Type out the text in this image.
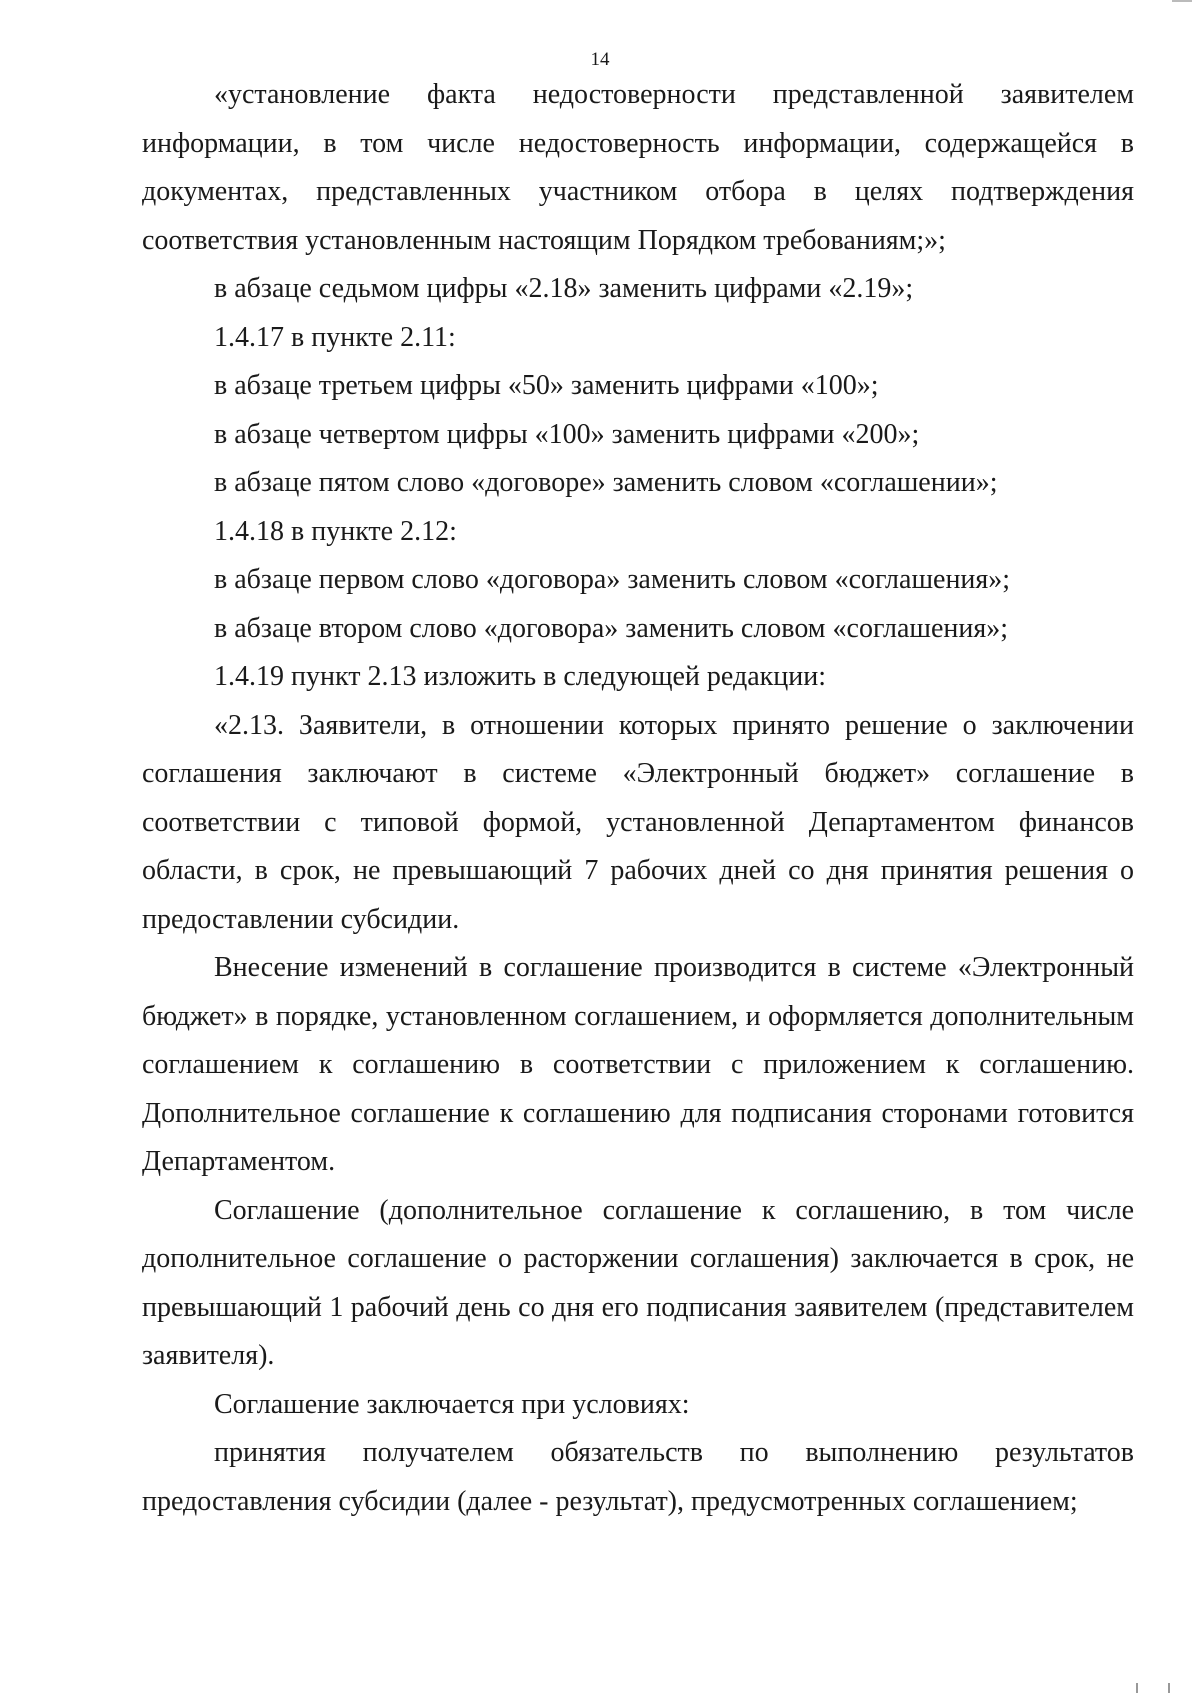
14

«установление факта недостоверности представленной заявителем информации, в том числе недостоверность информации, содержащейся в документах, представленных участником отбора в целях подтверждения соответствия установленным настоящим Порядком требованиям;»;

в абзаце седьмом цифры «2.18» заменить цифрами «2.19»;

1.4.17 в пункте 2.11:

в абзаце третьем цифры «50» заменить цифрами «100»;

в абзаце четвертом цифры «100» заменить цифрами «200»;

в абзаце пятом слово «договоре» заменить словом «соглашении»;

1.4.18 в пункте 2.12:

в абзаце первом слово «договора» заменить словом «соглашения»;

в абзаце втором слово «договора» заменить словом «соглашения»;

1.4.19 пункт 2.13 изложить в следующей редакции:

«2.13. Заявители, в отношении которых принято решение о заключении соглашения заключают в системе «Электронный бюджет» соглашение в соответствии с типовой формой, установленной Департаментом финансов области, в срок, не превышающий 7 рабочих дней со дня принятия решения о предоставлении субсидии.

Внесение изменений в соглашение производится в системе «Электронный бюджет» в порядке, установленном соглашением, и оформляется дополнительным соглашением к соглашению в соответствии с приложением к соглашению. Дополнительное соглашение к соглашению для подписания сторонами готовится Департаментом.

Соглашение (дополнительное соглашение к соглашению, в том числе дополнительное соглашение о расторжении соглашения) заключается в срок, не превышающий 1 рабочий день со дня его подписания заявителем (представителем заявителя).

Соглашение заключается при условиях:

принятия получателем обязательств по выполнению результатов предоставления субсидии (далее - результат), предусмотренных соглашением;
